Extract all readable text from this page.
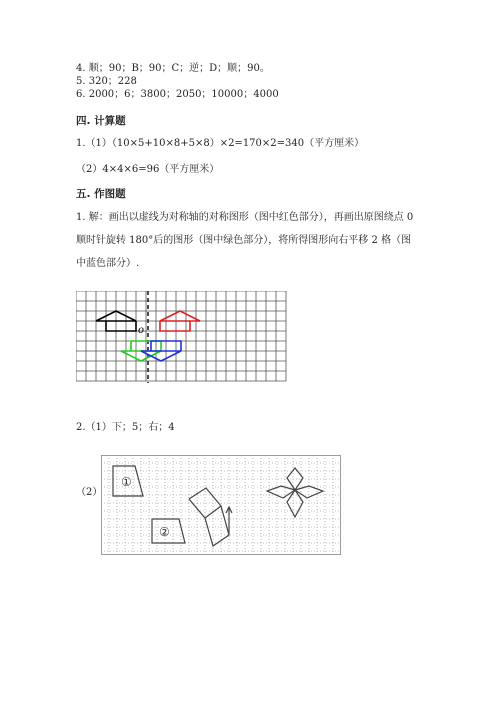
4. 顺；90；B；90；C；逆；D；顺；90。
5. 320；228
6. 2000；6；3800；2050；10000；4000
四. 计算题
1.（1）（10×5+10×8+5×8）×2=170×2=340（平方厘米）
（2）4×4×6=96（平方厘米）
五. 作图题
1. 解：画出以虚线为对称轴的对称图形（图中红色部分），再画出原图绕点 0
顺时针旋转 180°后的图形（图中绿色部分），将所得图形向右平移 2 格（图
中蓝色部分）.
o
2.（1）下；5；右；4
（2）
①
②
